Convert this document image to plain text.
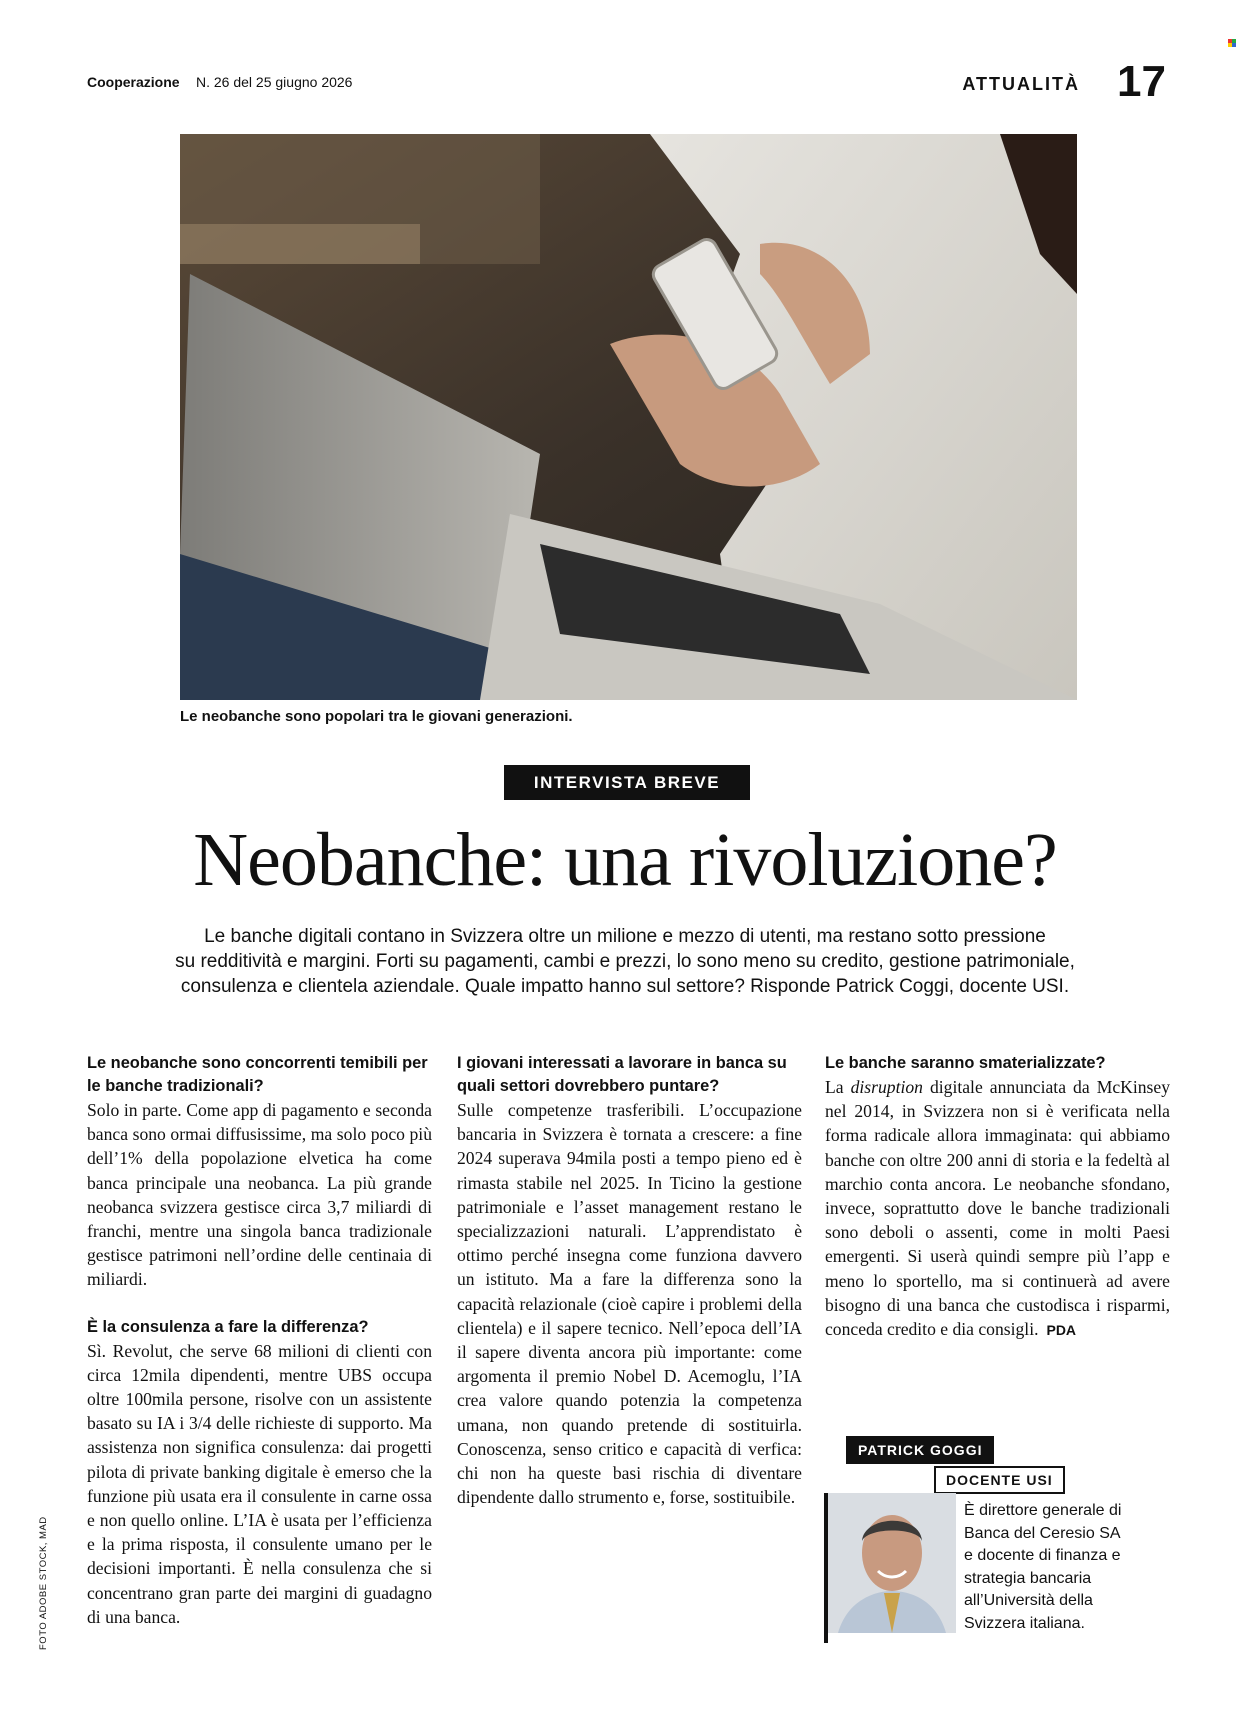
Cooperazione N. 26 del 25 giugno 2026	ATTUALITÀ 17
Le neobanche sono popolari tra le giovani generazioni.
INTERVISTA BREVE
Neobanche: una rivoluzione?

Le banche digitali contano in Svizzera oltre un milione e mezzo di utenti, ma restano sotto pressione

su redditività e margini. Forti su pagamenti, cambi e prezzi, lo sono meno su credito, gestione patrimoniale,

consulenza e clientela aziendale. Quale impatto hanno sul settore? Risponde Patrick Coggi, docente USI.

Le neobanche sono concorrenti temibili per le banche tradizionali?

Solo in parte. Come app di pagamento e seconda banca sono ormai diffusissime, ma solo poco più dell’1% della popolazione elvetica ha come banca principale una neobanca. La più grande neobanca svizzera gestisce circa 3,7 miliardi di franchi, mentre una singola banca tradizionale gestisce patrimoni nell’ordine delle centinaia di miliardi.

È la consulenza a fare la differenza?

Sì. Revolut, che serve 68 milioni di clienti con circa 12mila dipendenti, mentre UBS occupa oltre 100mila persone, risolve con un assistente basato su IA i 3/4 delle richieste di supporto. Ma assistenza non significa consulenza: dai progetti pilota di private banking digitale è emerso che la funzione più usata era il consulente in carne ossa e non quello online. L’IA è usata per l’efficienza e la prima risposta, il consulente umano per le decisioni importanti. È nella consulenza che si concentrano gran parte dei margini di guadagno di una banca.

I giovani interessati a lavorare in banca su quali settori dovrebbero puntare?

Sulle competenze trasferibili. L’occupazione bancaria in Svizzera è tornata a crescere: a fine 2024 superava 94mila posti a tempo pieno ed è rimasta stabile nel 2025. In Ticino la gestione patrimoniale e l’asset management restano le specializzazioni naturali. L’apprendistato è ottimo perché insegna come funziona davvero un istituto. Ma a fare la differenza sono la capacità relazionale (cioè capire i problemi della clientela) e il sapere tecnico. Nell’epoca dell’IA il sapere diventa ancora più importante: come argomenta il premio Nobel D. Acemoglu, l’IA crea valore quando potenzia la competenza umana, non quando pretende di sostituirla. Conoscenza, senso critico e capacità di verfica: chi non ha queste basi rischia di diventare dipendente dallo strumento e, forse, sostituibile.

Le banche saranno smaterializzate?

La disruption digitale annunciata da McKinsey nel 2014, in Svizzera non si è verificata nella forma radicale allora immaginata: qui abbiamo banche con oltre 200 anni di storia e la fedeltà al marchio conta ancora. Le neobanche sfondano, invece, soprattutto dove le banche tradizionali sono deboli o assenti, come in molti Paesi emergenti. Si userà quindi sempre più l’app e meno lo sportello, ma si continuerà ad avere bisogno di una banca che custodisca i risparmi, conceda credito e dia consigli. PDA

PATRICK GOGGI
DOCENTE USI
È direttore generale di Banca del Ceresio SA e docente di finanza e strategia bancaria all’Università della Svizzera italiana.
FOTO ADOBE STOCK, MAD
